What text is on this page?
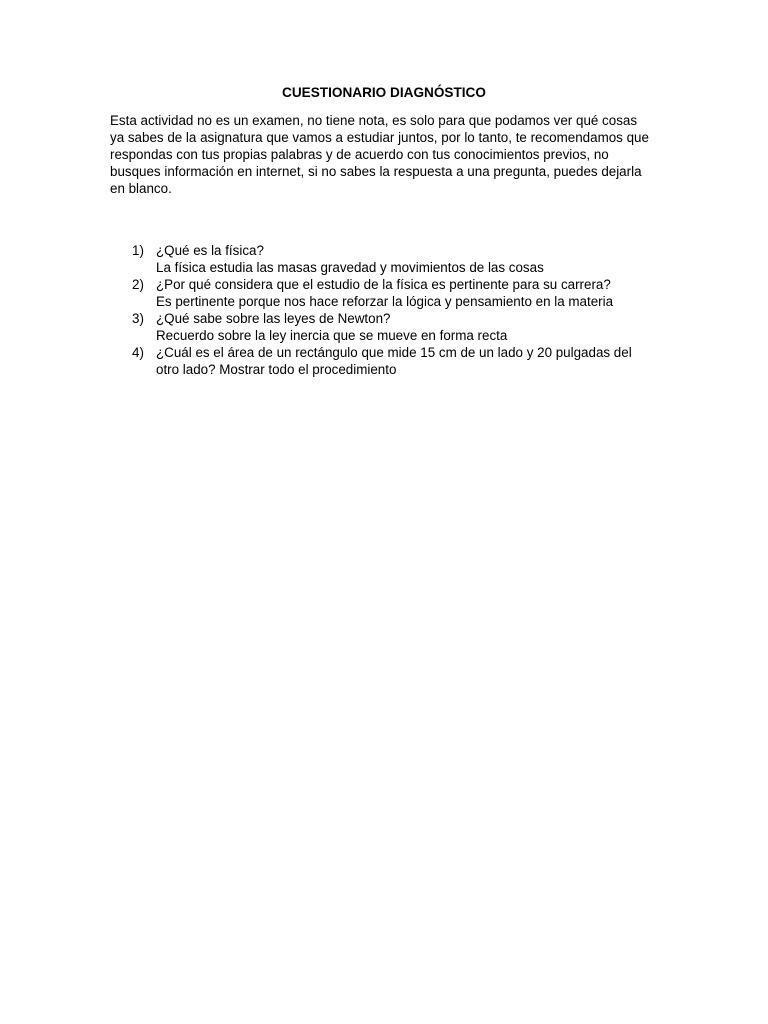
CUESTIONARIO DIAGNÓSTICO

Esta actividad no es un examen, no tiene nota, es solo para que podamos ver qué cosas ya sabes de la asignatura que vamos a estudiar juntos, por lo tanto, te recomendamos que respondas con tus propias palabras y de acuerdo con tus conocimientos previos, no busques información en internet, si no sabes la respuesta a una pregunta, puedes dejarla en blanco.

1) ¿Qué es la física?
La física estudia las masas gravedad y movimientos de las cosas
2) ¿Por qué considera que el estudio de la física es pertinente para su carrera?
Es pertinente porque nos hace reforzar la lógica y pensamiento en la materia
3) ¿Qué sabe sobre las leyes de Newton?
Recuerdo sobre la ley inercia que se mueve en forma recta
4) ¿Cuál es el área de un rectángulo que mide 15 cm de un lado y 20 pulgadas del otro lado? Mostrar todo el procedimiento
